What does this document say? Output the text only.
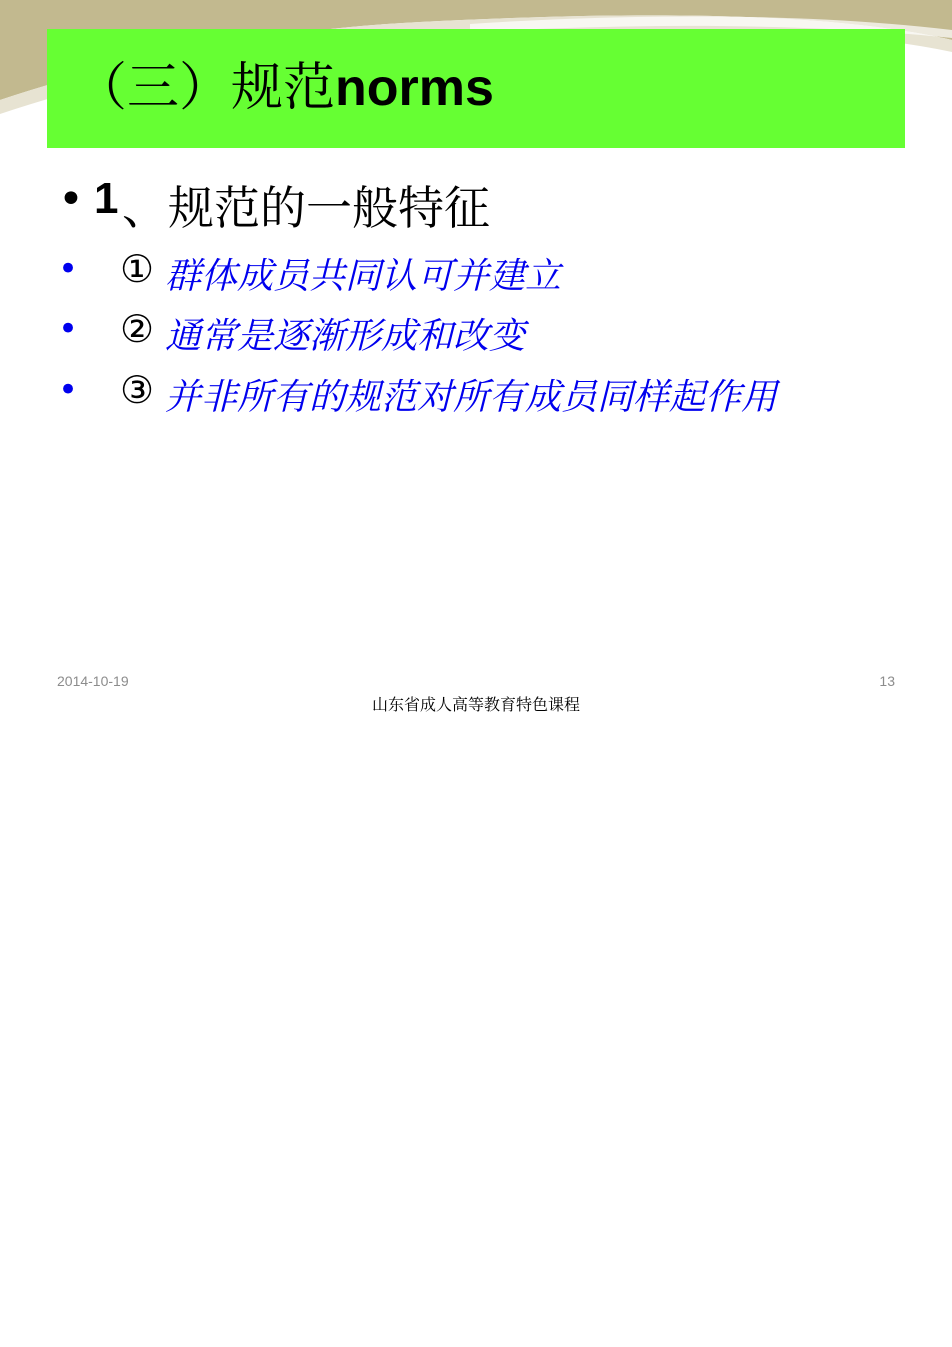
（三）规范norms
• 1 、规范的一般特征
• ① 群体成员共同认可并建立
• ② 通常是逐渐形成和改变
• ③ 并非所有的规范对所有成员同样起作用
2014-10-19	13
山东省成人高等教育特色课程
